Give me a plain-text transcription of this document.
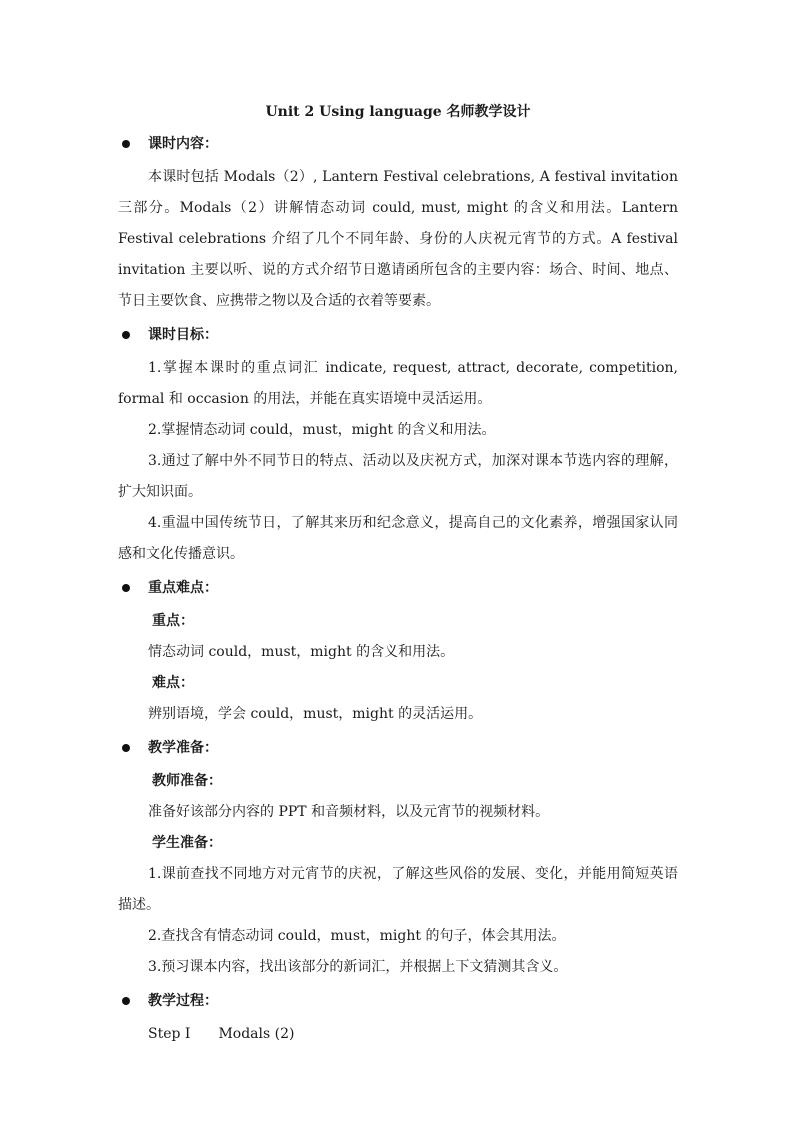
Unit 2 Using language 名师教学设计
课时内容：
本课时包括 Modals（2）, Lantern Festival celebrations, A festival invitation 三部分。Modals（2）讲解情态动词 could, must, might 的含义和用法。Lantern Festival celebrations 介绍了几个不同年龄、身份的人庆祝元宵节的方式。A festival invitation 主要以听、说的方式介绍节日邀请函所包含的主要内容：场合、时间、地点、节日主要饮食、应携带之物以及合适的衣着等要素。
课时目标：
1.掌握本课时的重点词汇 indicate, request, attract, decorate, competition, formal 和 occasion 的用法，并能在真实语境中灵活运用。
2.掌握情态动词 could，must，might 的含义和用法。
3.通过了解中外不同节日的特点、活动以及庆祝方式，加深对课本节选内容的理解，扩大知识面。
4.重温中国传统节日，了解其来历和纪念意义，提高自己的文化素养，增强国家认同感和文化传播意识。
重点难点：
重点：
情态动词 could，must，might 的含义和用法。
难点：
辨别语境，学会 could，must，might 的灵活运用。
教学准备：
教师准备：
准备好该部分内容的 PPT 和音频材料，以及元宵节的视频材料。
学生准备：
1.课前查找不同地方对元宵节的庆祝，了解这些风俗的发展、变化，并能用简短英语描述。
2.查找含有情态动词 could，must，might 的句子，体会其用法。
3.预习课本内容，找出该部分的新词汇，并根据上下文猜测其含义。
教学过程：
Step I　　Modals (2)
